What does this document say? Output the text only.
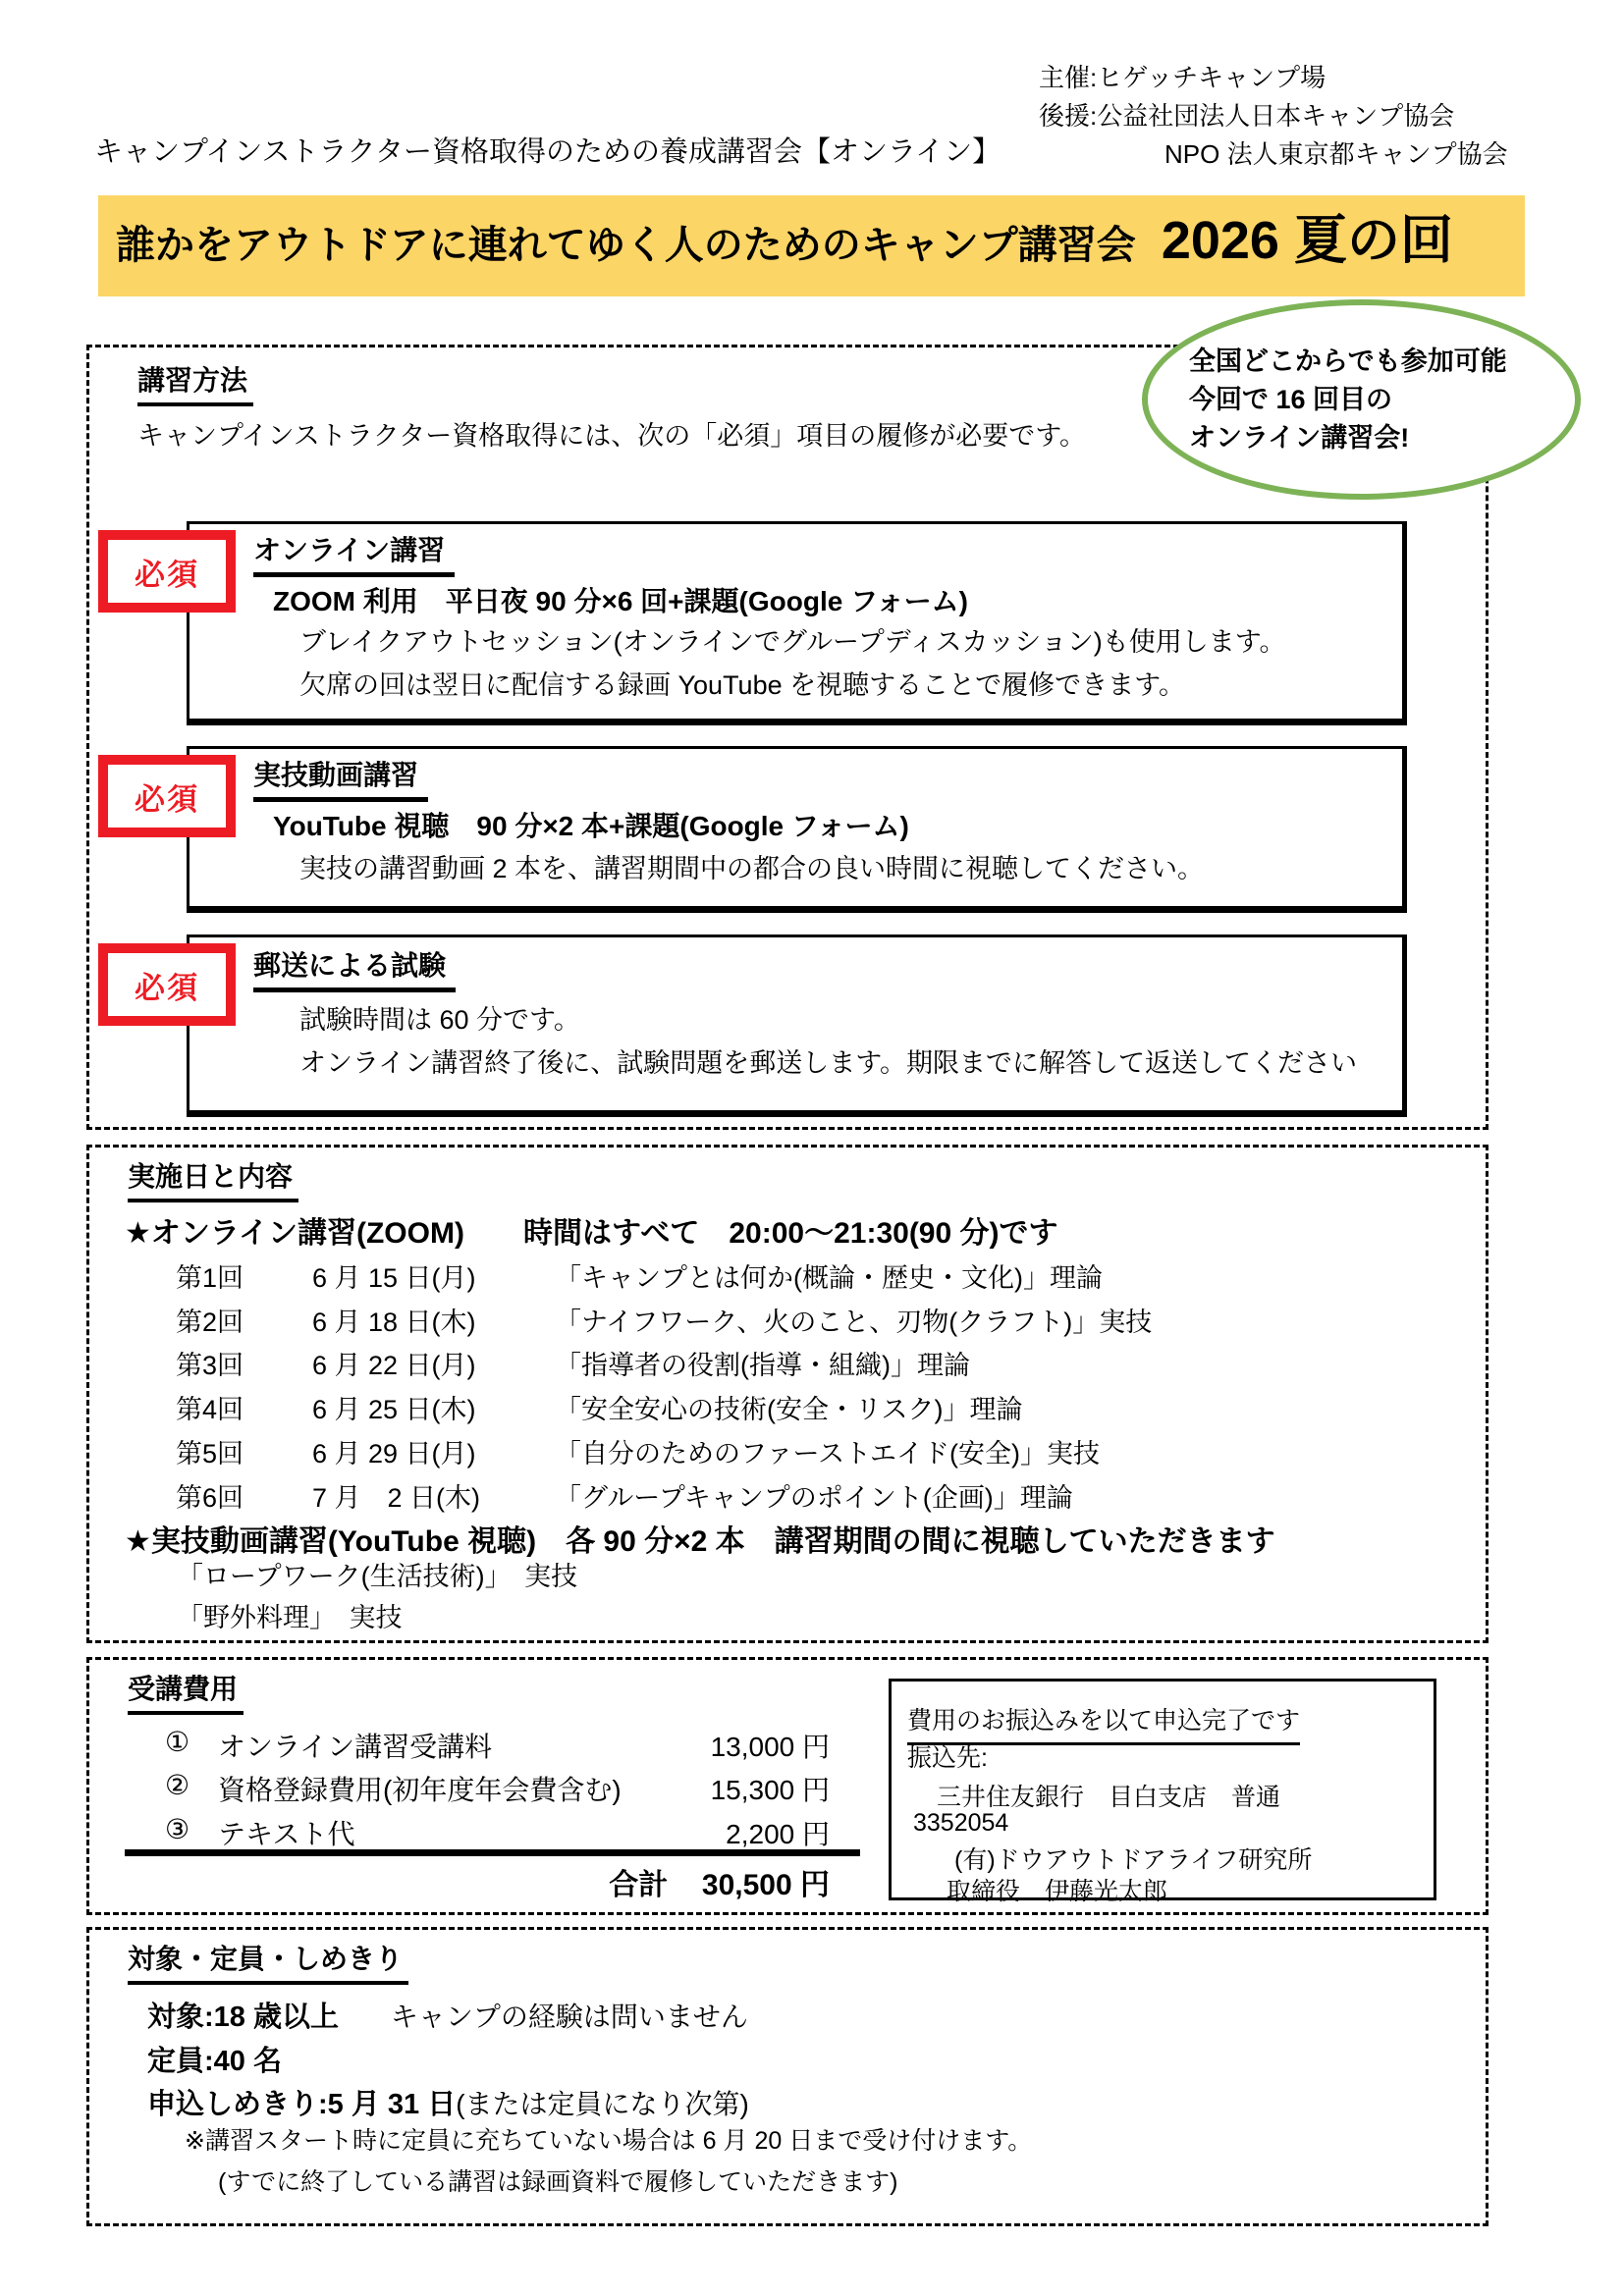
キャンプインストラクター資格取得のための養成講習会【オンライン】
主催:ヒゲッチキャンプ場
後援:公益社団法人日本キャンプ協会
NPO 法人東京都キャンプ協会
誰かをアウトドアに連れてゆく人のためのキャンプ講習会 2026 夏の回
全国どこからでも参加可能
今回で 16 回目の
オンライン講習会!
講習方法
キャンプインストラクター資格取得には、次の「必須」項目の履修が必要です。
オンライン講習
ZOOM 利用　平日夜 90 分×6 回+課題(Google フォーム)
ブレイクアウトセッション(オンラインでグループディスカッション)も使用します。
欠席の回は翌日に配信する録画 YouTube を視聴することで履修できます。
必須
実技動画講習
YouTube 視聴　90 分×2 本+課題(Google フォーム)
実技の講習動画 2 本を、講習期間中の都合の良い時間に視聴してください。
必須
郵送による試験
試験時間は 60 分です。
オンライン講習終了後に、試験問題を郵送します。期限までに解答して返送してください
必須
実施日と内容
★オンライン講習(ZOOM)　　時間はすべて　20:00〜21:30(90 分)です
第1回	6 月 15 日(月)	「キャンプとは何か(概論・歴史・文化)」理論
第2回	6 月 18 日(木)	「ナイフワーク、火のこと、刃物(クラフト)」実技
第3回	6 月 22 日(月)	「指導者の役割(指導・組織)」理論
第4回	6 月 25 日(木)	「安全安心の技術(安全・リスク)」理論
第5回	6 月 29 日(月)	「自分のためのファーストエイド(安全)」実技
第6回	7 月　2 日(木)	「グループキャンプのポイント(企画)」理論
★実技動画講習(YouTube 視聴)　各 90 分×2 本　講習期間の間に視聴していただきます
「ロープワーク(生活技術)」　実技
「野外料理」　実技
受講費用
①	オンライン講習受講料	13,000 円
②	資格登録費用(初年度年会費含む)	15,300 円
③	テキスト代	2,200 円
合計 30,500 円
費用のお振込みを以て申込完了です
振込先:
三井住友銀行　目白支店　普通
3352054
(有)ドウアウトドアライフ研究所
取締役　伊藤光太郎
対象・定員・しめきり
対象:18 歳以上 キャンプの経験は問いません
定員:40 名
申込しめきり:5 月 31 日(または定員になり次第)
※講習スタート時に定員に充ちていない場合は 6 月 20 日まで受け付けます。
(すでに終了している講習は録画資料で履修していただきます)
